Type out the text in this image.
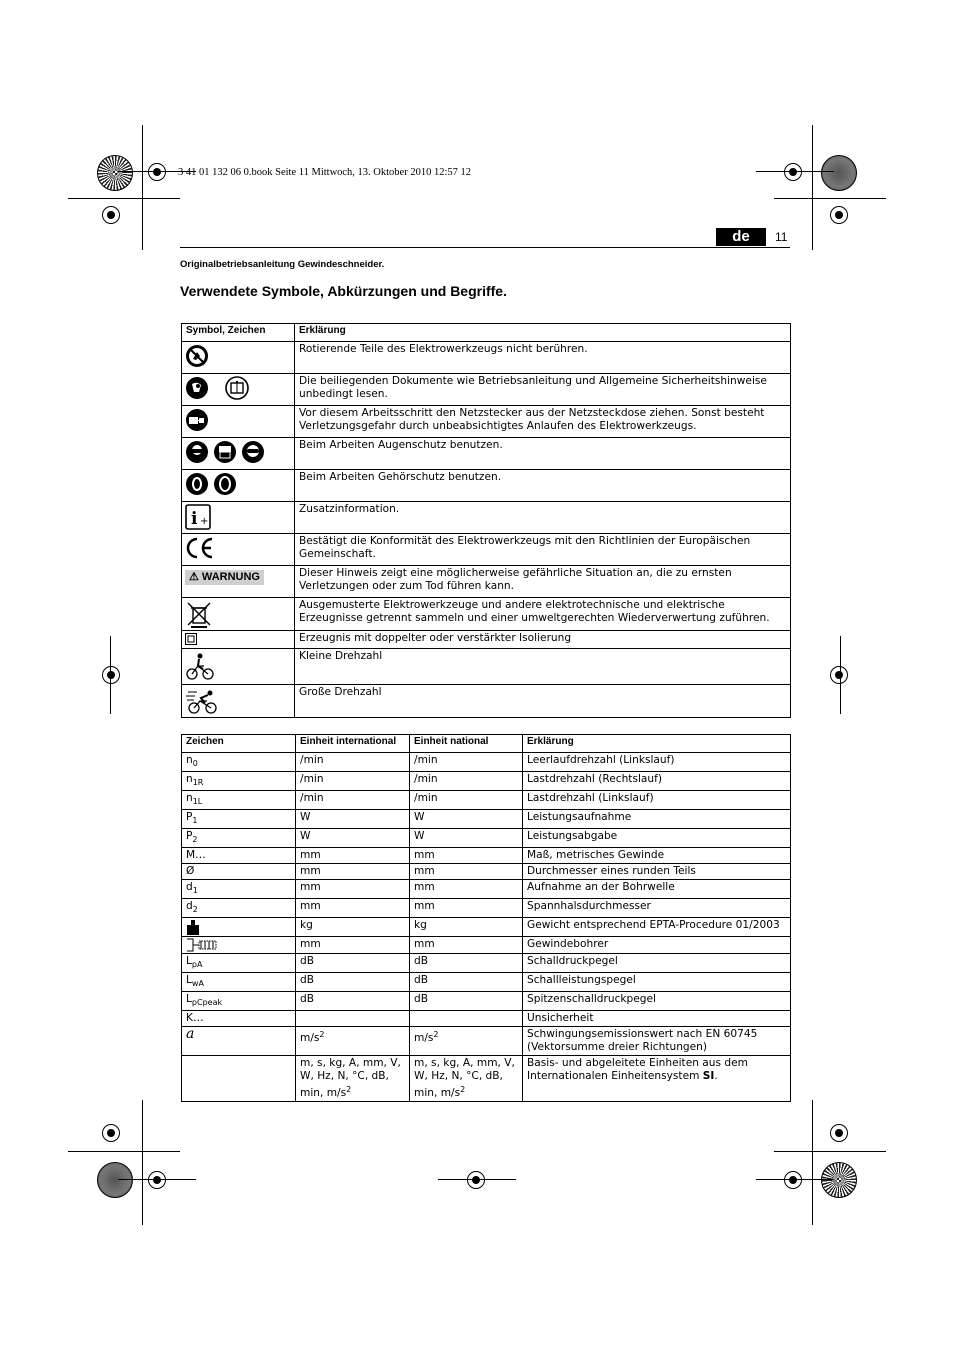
3 41 01 132 06 0.book Seite 11 Mittwoch, 13. Oktober 2010 12:57 12
de	11
Originalbetriebsanleitung Gewindeschneider.
Verwendete Symbole, Abkürzungen und Begriffe.
Symbol, Zeichen	Erklärung
	Rotierende Teile des Elektrowerkzeugs nicht berühren.
	Die beiliegenden Dokumente wie Betriebsanleitung und Allgemeine Sicherheitshinweise unbedingt lesen.
	Vor diesem Arbeitsschritt den Netzstecker aus der Netzsteckdose ziehen. Sonst besteht Verletzungsgefahr durch unbeabsichtigtes Anlaufen des Elektrowerkzeugs.
	Beim Arbeiten Augenschutz benutzen.
	Beim Arbeiten Gehörschutz benutzen.

i +	Zusatzinformation.
	Bestätigt die Konformität des Elektrowerkzeugs mit den Richtlinien der Europäischen Gemeinschaft.
⚠ WARNUNG	Dieser Hinweis zeigt eine möglicherweise gefährliche Situation an, die zu ernsten Verletzungen oder zum Tod führen kann.
	Ausgemusterte Elektrowerkzeuge und andere elektrotechnische und elektrische Erzeugnisse getrennt sammeln und einer umweltgerechten Wiederverwertung zuführen.
	Erzeugnis mit doppelter oder verstärkter Isolierung
	Kleine Drehzahl
	Große Drehzahl
Zeichen	Einheit international	Einheit national	Erklärung
$n_0$	/min	/min	Leerlaufdrehzahl (Linkslauf)
$n_{1R}$	/min	/min	Lastdrehzahl (Rechtslauf)
$n_{1L}$	/min	/min	Lastdrehzahl (Linkslauf)
$P_1$	W	W	Leistungsaufnahme
$P_2$	W	W	Leistungsabgabe
M…	mm	mm	Maß, metrisches Gewinde
Ø	mm	mm	Durchmesser eines runden Teils
$d_1$	mm	mm	Aufnahme an der Bohrwelle
$d_2$	mm	mm	Spannhalsdurchmesser
	kg	kg	Gewicht entsprechend EPTA-Procedure 01/2003
	mm	mm	Gewindebohrer
$L_{pA}$	dB	dB	Schalldruckpegel
$L_{wA}$	dB	dB	Schallleistungspegel
$L_{pCpeak}$	dB	dB	Spitzenschalldruckpegel
K…			Unsicherheit
a	$m/s^2$	$m/s^2$	Schwingungsemissionswert nach EN 60745 (Vektorsumme dreier Richtungen)
	m, s, kg, A, mm, V, W, Hz, N, °C, dB, min, $m/s^2$	m, s, kg, A, mm, V, W, Hz, N, °C, dB, min, $m/s^2$	Basis- und abgeleitete Einheiten aus dem Internationalen Einheitensystem SI.
